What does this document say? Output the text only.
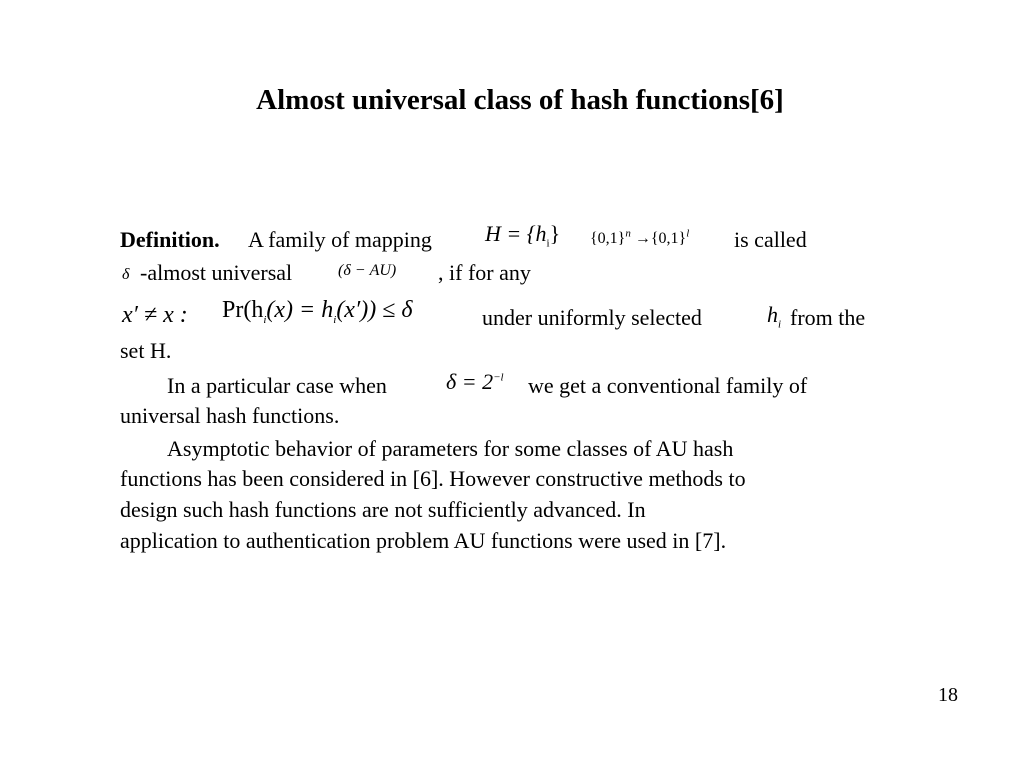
Almost universal class of hash functions[6]
Definition. A family of mapping $H = \{h_i\}$ $\{0,1\}^n \to\{0,1\}^l$ is called
δ -almost universal	(δ − AU) , if for any
x′ ≠ x : $Pr(h_i(x) = h_i(x')) \le \delta$	under uniformly selected	$h_i$ from the
set H.
In a particular case when	$\delta = 2^{-l}$ we get a conventional family of
universal hash functions.
Asymptotic behavior of parameters for some classes of AU hash
functions has been considered in [6]. However constructive methods to
design such hash functions are not sufficiently advanced. In
application to authentication problem AU functions were used in [7].
18
